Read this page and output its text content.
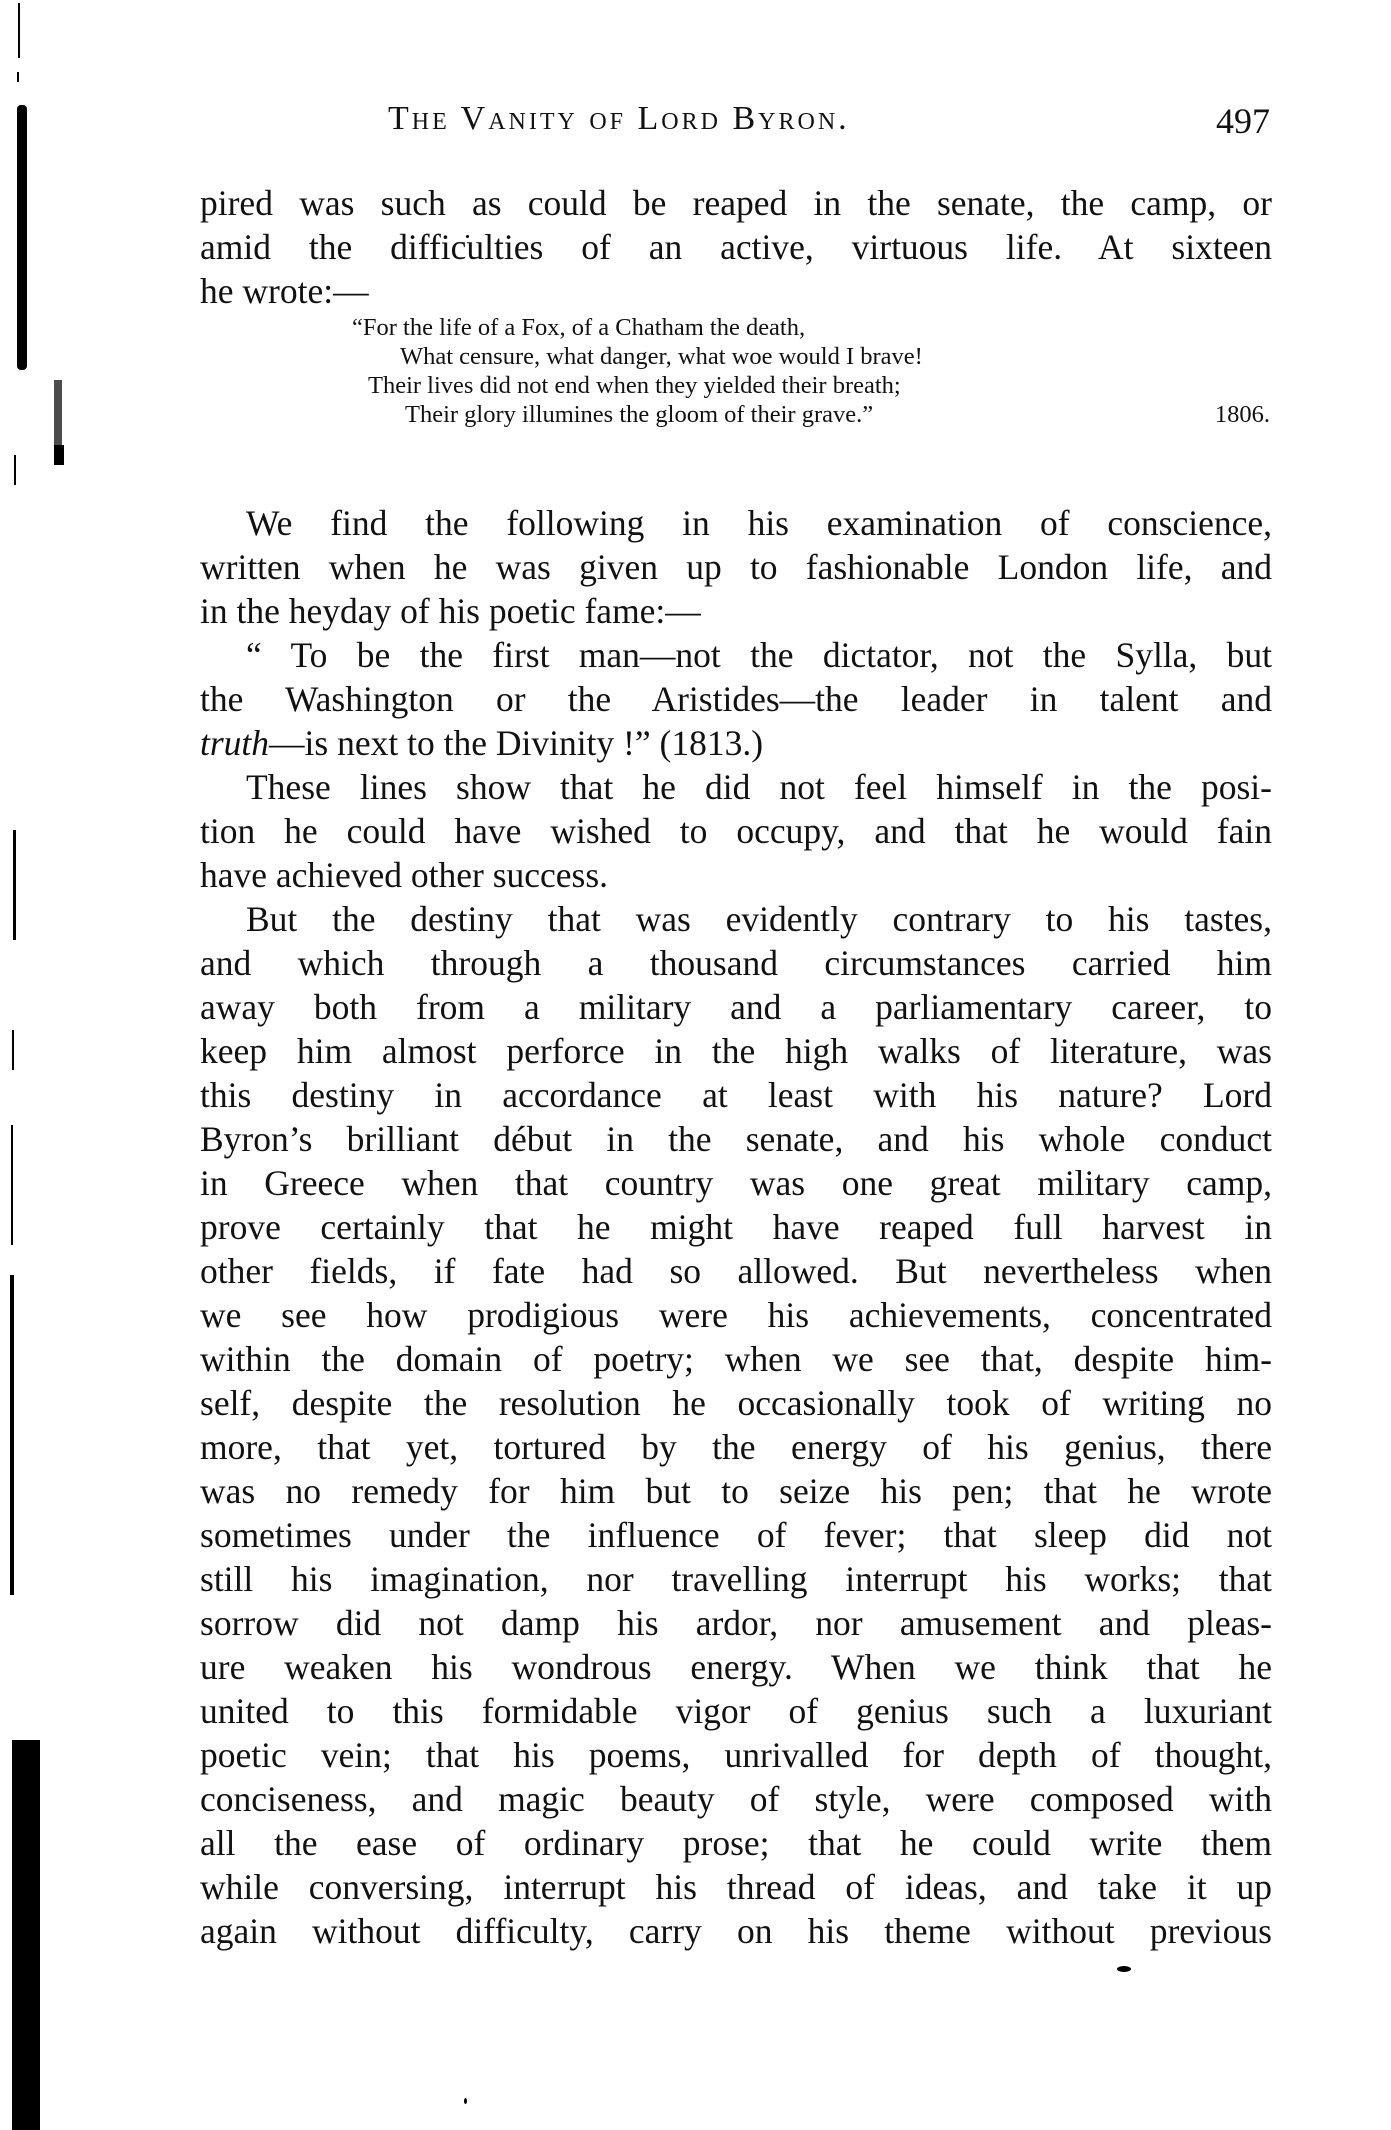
The Vanity of Lord Byron.	497
pired was such as could be reaped in the senate, the camp, or
amid the difficulties of an active, virtuous life. At sixteen
he wrote:—
“For the life of a Fox, of a Chatham the death,
What censure, what danger, what woe would I brave!
Their lives did not end when they yielded their breath;
Their glory illumines the gloom of their grave.”	1806.
We find the following in his examination of conscience,
written when he was given up to fashionable London life, and
in the heyday of his poetic fame:—
“ To be the first man—not the dictator, not the Sylla, but
the Washington or the Aristides—the leader in talent and
truth—is next to the Divinity !” (1813.)
These lines show that he did not feel himself in the posi-
tion he could have wished to occupy, and that he would fain
have achieved other success.
But the destiny that was evidently contrary to his tastes,
and which through a thousand circumstances carried him
away both from a military and a parliamentary career, to
keep him almost perforce in the high walks of literature, was
this destiny in accordance at least with his nature? Lord
Byron’s brilliant début in the senate, and his whole conduct
in Greece when that country was one great military camp,
prove certainly that he might have reaped full harvest in
other fields, if fate had so allowed. But nevertheless when
we see how prodigious were his achievements, concentrated
within the domain of poetry; when we see that, despite him-
self, despite the resolution he occasionally took of writing no
more, that yet, tortured by the energy of his genius, there
was no remedy for him but to seize his pen; that he wrote
sometimes under the influence of fever; that sleep did not
still his imagination, nor travelling interrupt his works; that
sorrow did not damp his ardor, nor amusement and pleas-
ure weaken his wondrous energy. When we think that he
united to this formidable vigor of genius such a luxuriant
poetic vein; that his poems, unrivalled for depth of thought,
conciseness, and magic beauty of style, were composed with
all the ease of ordinary prose; that he could write them
while conversing, interrupt his thread of ideas, and take it up
again without difficulty, carry on his theme without previous
